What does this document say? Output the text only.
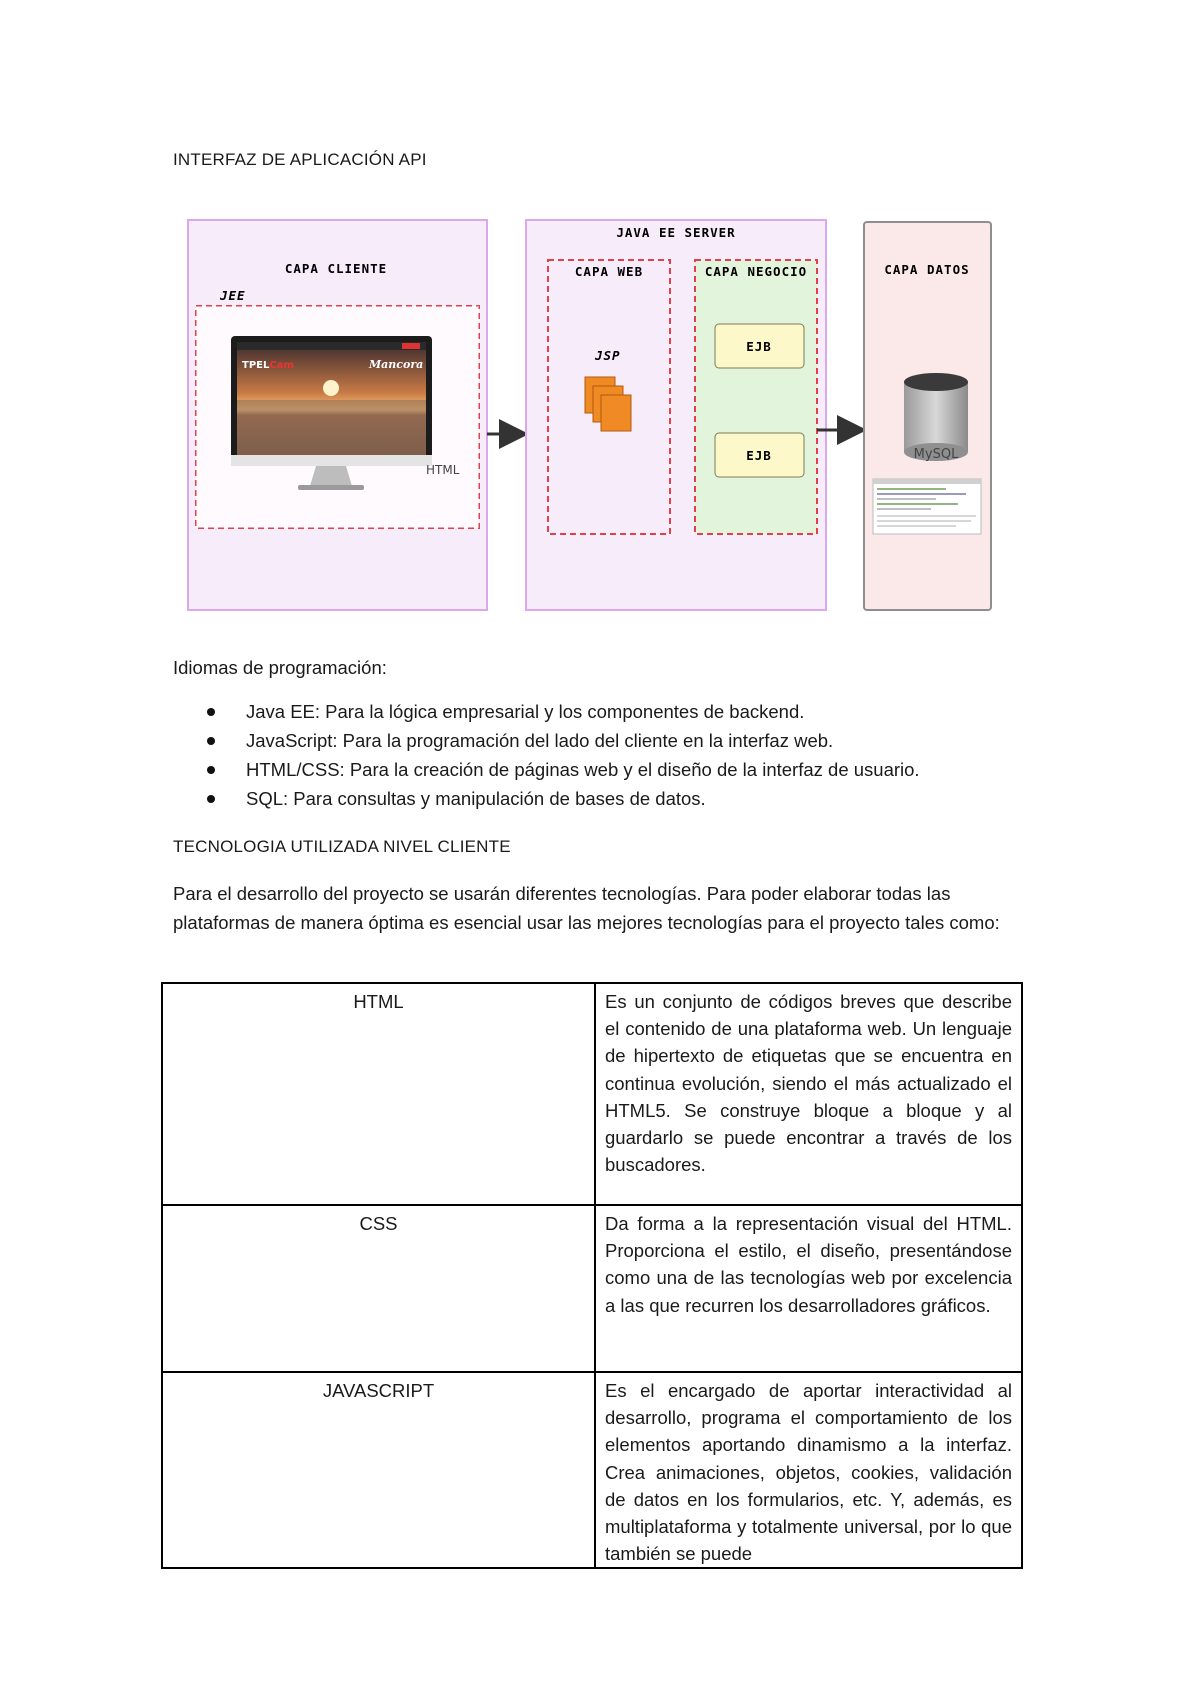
INTERFAZ DE APLICACIÓN API
CAPA CLIENTE
JEE
TPELCam	Mancora
HTML
JAVA EE SERVER
CAPA WEB
JSP
CAPA NEGOCIO
EJB
EJB
CAPA DATOS
MySQL
Idiomas de programación:
Java EE: Para la lógica empresarial y los componentes de backend.
JavaScript: Para la programación del lado del cliente en la interfaz web.
HTML/CSS: Para la creación de páginas web y el diseño de la interfaz de usuario.
SQL: Para consultas y manipulación de bases de datos.
TECNOLOGIA UTILIZADA NIVEL CLIENTE
Para el desarrollo del proyecto se usarán diferentes tecnologías. Para poder elaborar todas las plataformas de manera óptima es esencial usar las mejores tecnologías para el proyecto tales como:
HTML	Es un conjunto de códigos breves que describe el contenido de una plataforma web. Un lenguaje de hipertexto de etiquetas que se encuentra en continua evolución, siendo el más actualizado el HTML5. Se construye bloque a bloque y al guardarlo se puede encontrar a través de los buscadores.
CSS	Da forma a la representación visual del HTML. Proporciona el estilo, el diseño, presentándose como una de las tecnologías web por excelencia a las que recurren los desarrolladores gráficos.
JAVASCRIPT	Es el encargado de aportar interactividad al desarrollo, programa el comportamiento de los elementos aportando dinamismo a la interfaz. Crea animaciones, objetos, cookies, validación de datos en los formularios, etc. Y, además, es multiplataforma y totalmente universal, por lo que también se puede
